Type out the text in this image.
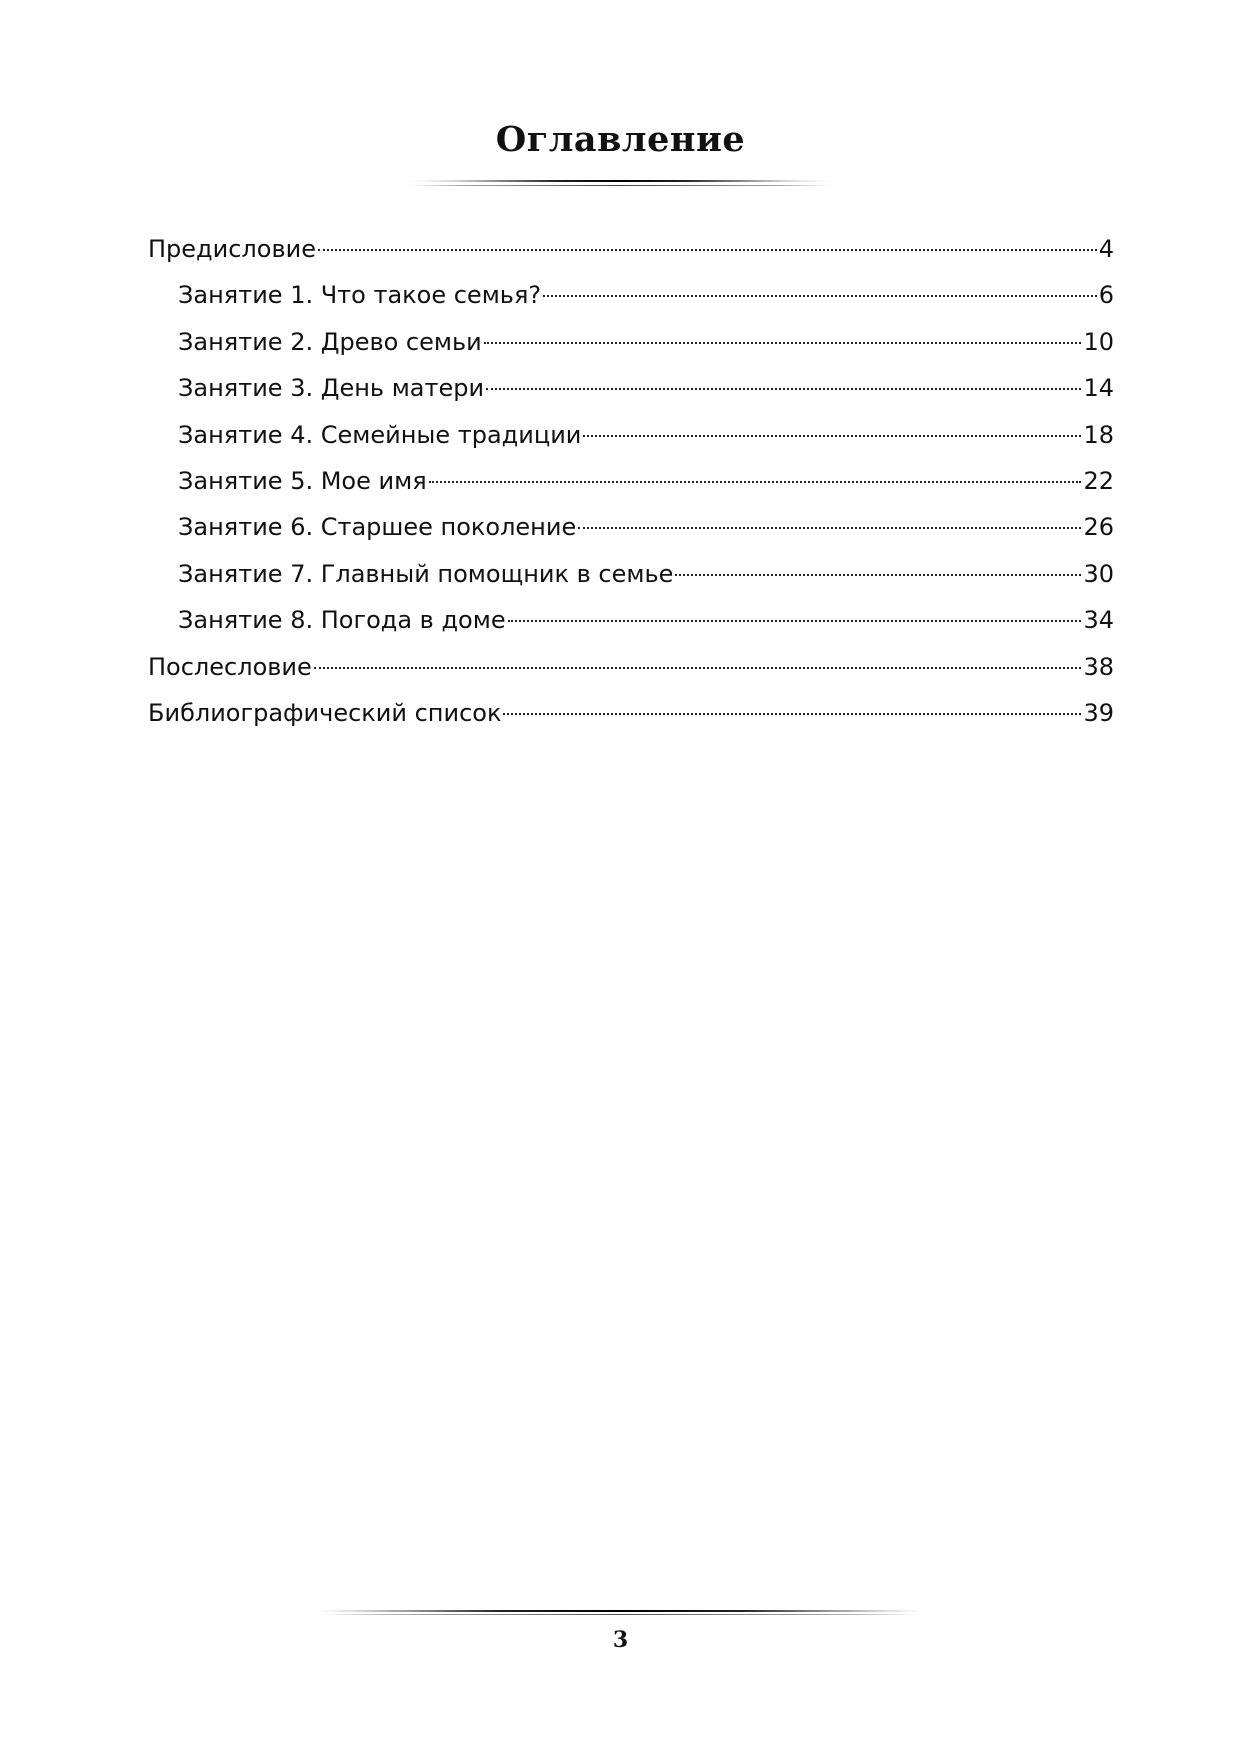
Оглавление
Предисловие	4
Занятие 1. Что такое семья?	6
Занятие 2. Древо семьи	10
Занятие 3. День матери	14
Занятие 4. Семейные традиции	18
Занятие 5. Мое имя	22
Занятие 6. Старшее поколение	26
Занятие 7. Главный помощник в семье	30
Занятие 8. Погода в доме	34
Послесловие	38
Библиографический список	39
3
